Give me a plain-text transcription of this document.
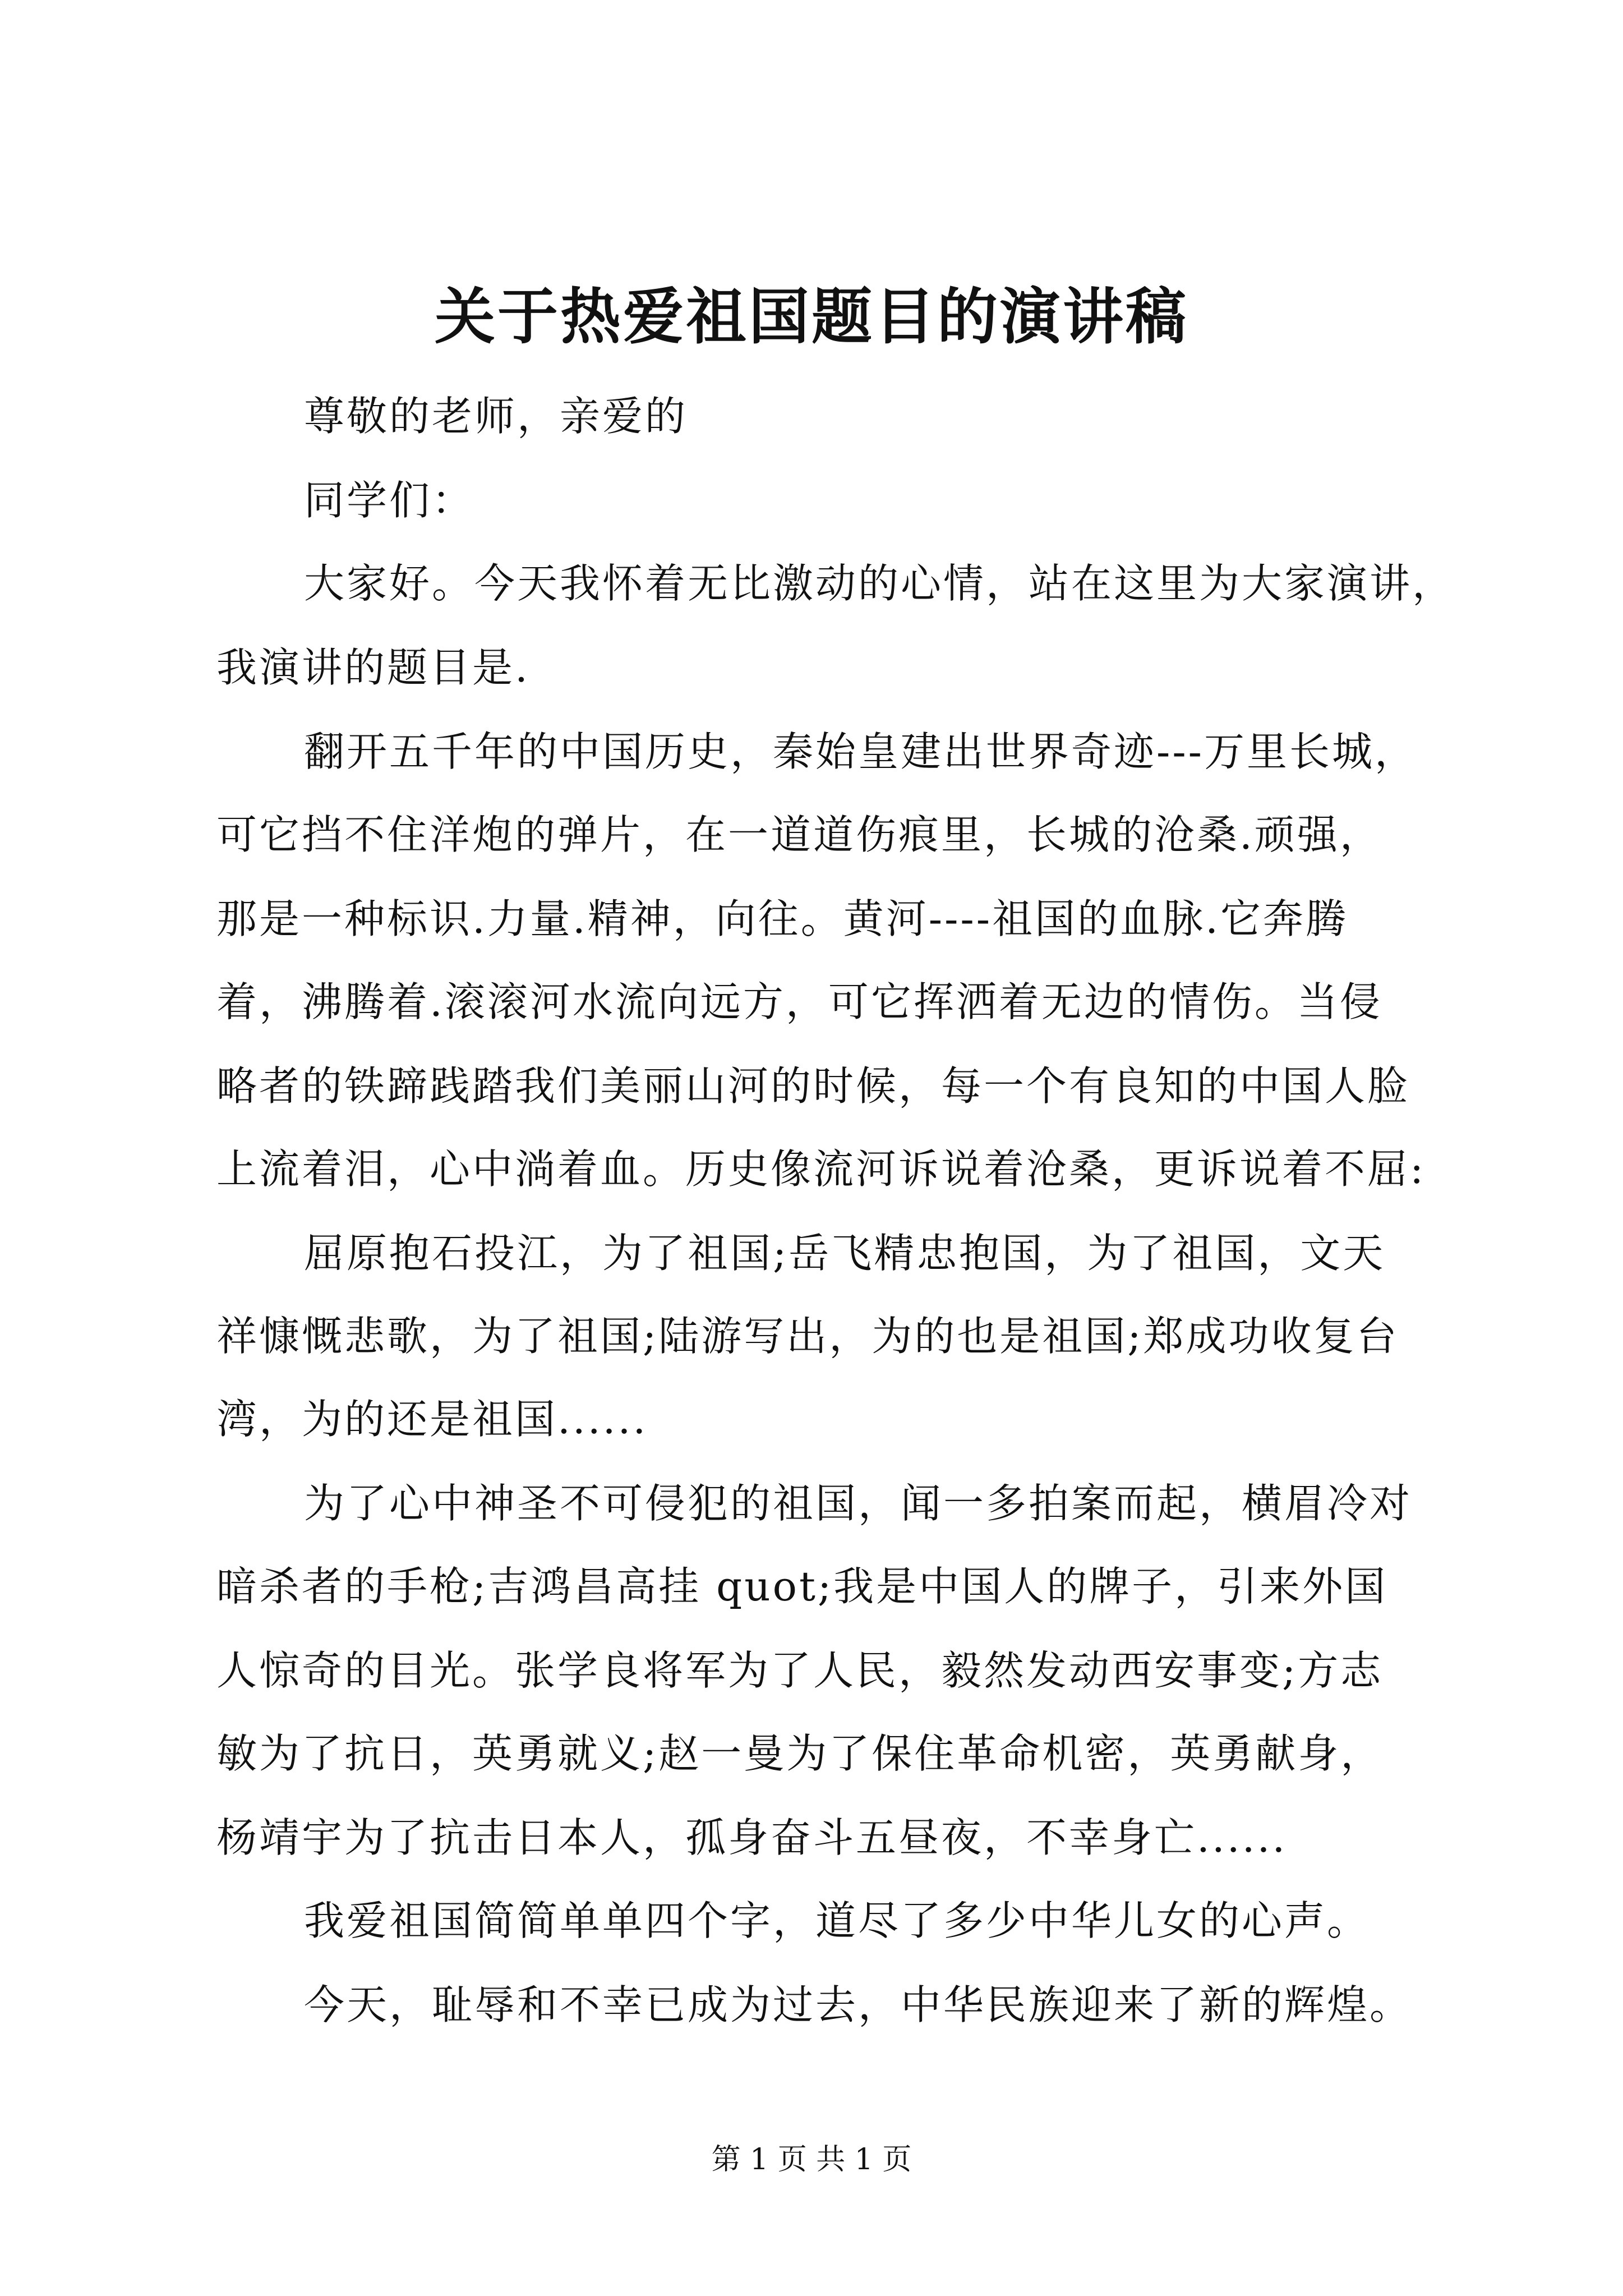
关于热爱祖国题目的演讲稿
尊敬的老师，亲爱的
同学们：
大家好。今天我怀着无比激动的心情，站在这里为大家演讲，
我演讲的题目是.
翻开五千年的中国历史，秦始皇建出世界奇迹---万里长城，
可它挡不住洋炮的弹片，在一道道伤痕里，长城的沧桑.顽强，
那是一种标识.力量.精神，向往。黄河----祖国的血脉.它奔腾
着，沸腾着.滚滚河水流向远方，可它挥洒着无边的情伤。当侵
略者的铁蹄践踏我们美丽山河的时候，每一个有良知的中国人脸
上流着泪，心中淌着血。历史像流河诉说着沧桑，更诉说着不屈:
屈原抱石投江，为了祖国;岳飞精忠抱国，为了祖国，文天
祥慷慨悲歌，为了祖国;陆游写出，为的也是祖国;郑成功收复台
湾，为的还是祖国......
为了心中神圣不可侵犯的祖国，闻一多拍案而起，横眉冷对
暗杀者的手枪;吉鸿昌高挂 quot;我是中国人的牌子，引来外国
人惊奇的目光。张学良将军为了人民，毅然发动西安事变;方志
敏为了抗日，英勇就义;赵一曼为了保住革命机密，英勇献身，
杨靖宇为了抗击日本人，孤身奋斗五昼夜，不幸身亡......
我爱祖国简简单单四个字，道尽了多少中华儿女的心声。
今天，耻辱和不幸已成为过去，中华民族迎来了新的辉煌。
第 1 页 共 1 页
